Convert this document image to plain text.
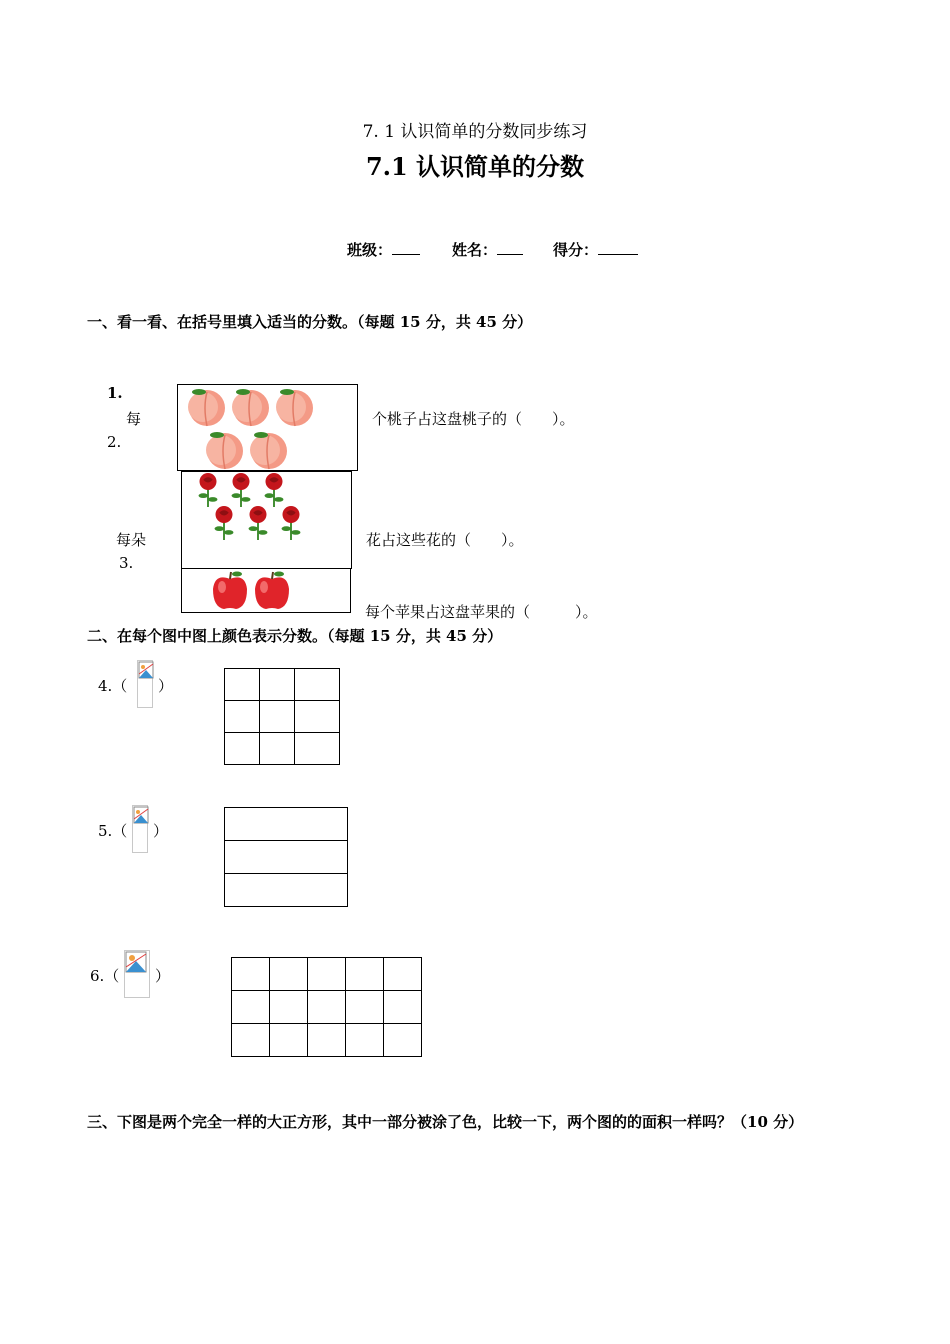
7. 1 认识简单的分数同步练习
7.1 认识简单的分数
班级：	姓名：	得分：
一、看一看、在括号里填入适当的分数。（每题 15 分，共 45 分）
1.
每
2.
个桃子占这盘桃子的（　　）。
每朵	花占这些花的（　　）。
3.
每个苹果占这盘苹果的（　　　）。
二、在每个图中图上颜色表示分数。（每题 15 分，共 45 分）
4.（ ）

5.（ ）

6.（ ）

三、下图是两个完全一样的大正方形，其中一部分被涂了色，比较一下，两个图的的面积一样吗？（10 分）
